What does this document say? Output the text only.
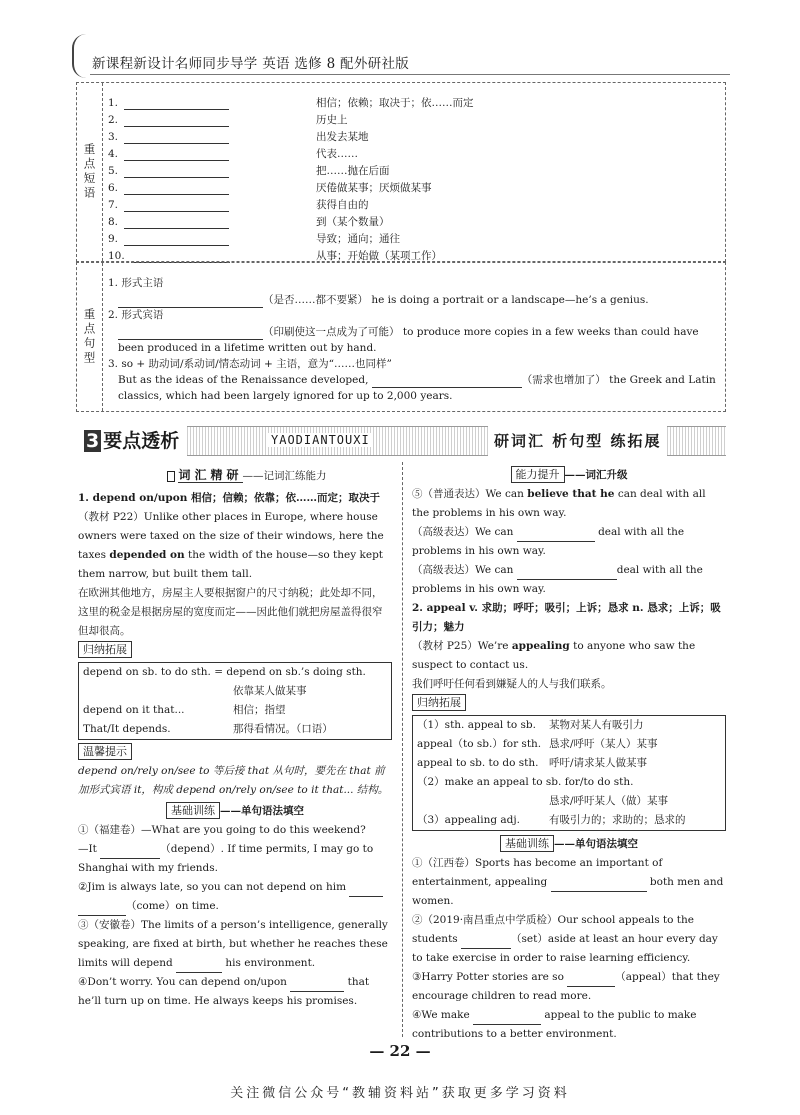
新课程新设计名师同步导学 英语 选修 8 配外研社版
重点短语
1.	相信；依赖；取决于；依……而定
2.	历史上
3.	出发去某地
4.	代表……
5.	把……抛在后面
6.	厌倦做某事；厌烦做某事
7.	获得自由的
8.	到（某个数量）
9.	导致；通向；通往
10.	从事；开始做（某项工作）
重点句型
1. 形式主语
（是否……都不要紧） he is doing a portrait or a landscape—he’s a genius.
2. 形式宾语
（印刷使这一点成为了可能） to produce more copies in a few weeks than could have
been produced in a lifetime written out by hand.
3. so + 助动词/系动词/情态动词 + 主语，意为“……也同样”
But as the ideas of the Renaissance developed,	（需求也增加了） the Greek and Latin
classics, which had been largely ignored for up to 2,000 years.
3 要点透析	YAODIANTOUXI	研词汇 析句型 练拓展

词汇精研——记词汇练能力

1. depend on/upon 相信；信赖；依靠；依……而定；取决于

（教材 P22）Unlike other places in Europe, where house owners were taxed on the size of their windows, here the taxes depended on the width of the house—so they kept them narrow, but built them tall.

在欧洲其他地方，房屋主人要根据窗户的尺寸纳税；此处却不同，这里的税金是根据房屋的宽度而定——因此他们就把房屋盖得很窄但却很高。

归纳拓展

depend on sb. to do sth. = depend on sb.’s doing sth.
依靠某人做某事
depend on it that...	相信；指望
That/It depends.	那得看情况。（口语）

温馨提示

depend on/rely on/see to 等后接 that 从句时，要先在 that 前加形式宾语 it，构成 depend on/rely on/see to it that... 结构。

基础训练 ——单句语法填空

①（福建卷）—What are you going to do this weekend?

—It	（depend）. If time permits, I may go to Shanghai with my friends.

②Jim is always late, so you can not depend on him

（come）on time.

③（安徽卷）The limits of a person’s intelligence, generally speaking, are fixed at birth, but whether he reaches these limits will depend	his environment.

④Don’t worry. You can depend on/upon	that he’ll turn up on time. He always keeps his promises.

能力提升 ——词汇升级

⑤（普通表达）We can believe that he can deal with all the problems in his own way.

（高级表达）We can	deal with all the problems in his own way.

（高级表达）We can	deal with all the problems in his own way.

2. appeal v. 求助；呼吁；吸引；上诉；恳求 n. 恳求；上诉；吸引力；魅力

（教材 P25）We’re appealing to anyone who saw the suspect to contact us.

我们呼吁任何看到嫌疑人的人与我们联系。

归纳拓展

（1）sth. appeal to sb.	某物对某人有吸引力
appeal（to sb.）for sth. 恳求/呼吁（某人）某事
appeal to sb. to do sth. 呼吁/请求某人做某事
（2）make an appeal to sb. for/to do sth.
恳求/呼吁某人（做）某事
（3）appealing adj.	有吸引力的；求助的；恳求的

基础训练 ——单句语法填空

①（江西卷）Sports has become an important of entertainment, appealing	both men and women.

②（2019·南昌重点中学质检）Our school appeals to the students	（set）aside at least an hour every day to take exercise in order to raise learning efficiency.

③Harry Potter stories are so	（appeal）that they encourage children to read more.

④We make	appeal to the public to make contributions to a better environment.

— 22 —
关注微信公众号“教辅资料站”获取更多学习资料
